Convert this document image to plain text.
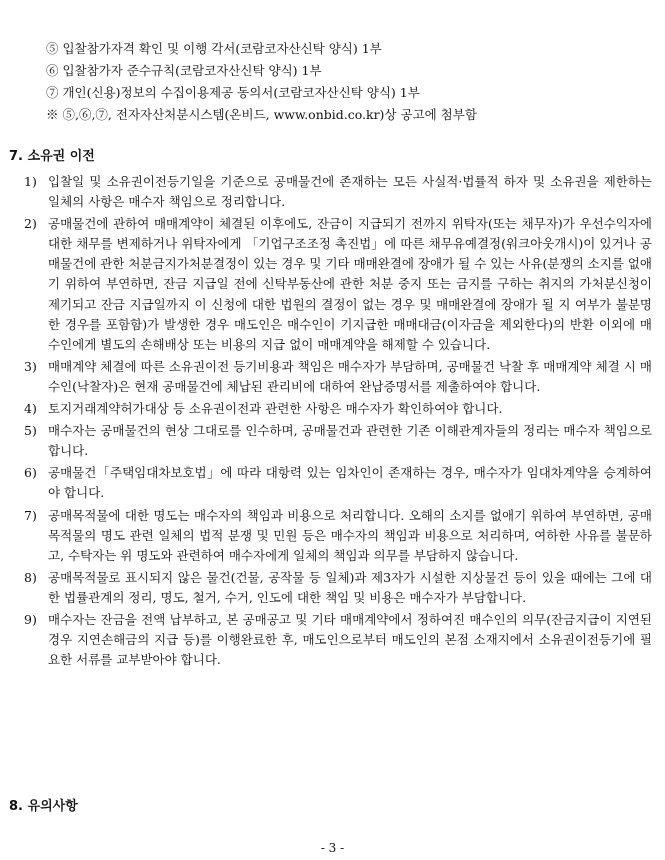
⑤ 입찰참가자격 확인 및 이행 각서(코람코자산신탁 양식) 1부
⑥ 입찰참가자 준수규칙(코람코자산신탁 양식) 1부
⑦ 개인(신용)정보의 수집이용제공 동의서(코람코자산신탁 양식) 1부
※ ⑤,⑥,⑦, 전자자산처분시스템(온비드, www.onbid.co.kr)상 공고에 첨부함
7. 소유권 이전
1) 입찰일 및 소유권이전등기일을 기준으로 공매물건에 존재하는 모든 사실적·법률적 하자 및 소유권을 제한하는 일체의 사항은 매수자 책임으로 정리합니다.
2) 공매물건에 관하여 매매계약이 체결된 이후에도, 잔금이 지급되기 전까지 위탁자(또는 채무자)가 우선수익자에 대한 채무를 변제하거나 위탁자에게 「기업구조조정 촉진법」에 따른 채무유예결정(워크아웃개시)이 있거나 공매물건에 관한 처분금지가처분결정이 있는 경우 및 기타 매매완결에 장애가 될 수 있는 사유(분쟁의 소지를 없애기 위하여 부연하면, 잔금 지급일 전에 신탁부동산에 관한 처분 중지 또는 금지를 구하는 취지의 가처분신청이 제기되고 잔금 지급일까지 이 신청에 대한 법원의 결정이 없는 경우 및 매매완결에 장애가 될 지 여부가 불분명한 경우를 포함함)가 발생한 경우 매도인은 매수인이 기지급한 매매대금(이자금을 제외한다)의 반환 이외에 매수인에게 별도의 손해배상 또는 비용의 지급 없이 매매계약을 해제할 수 있습니다.
3) 매매계약 체결에 따른 소유권이전 등기비용과 책임은 매수자가 부담하며, 공매물건 낙찰 후 매매계약 체결 시 매수인(낙찰자)은 현재 공매물건에 체납된 관리비에 대하여 완납증명서를 제출하여야 합니다.
4) 토지거래계약허가대상 등 소유권이전과 관련한 사항은 매수자가 확인하여야 합니다.
5) 매수자는 공매물건의 현상 그대로를 인수하며, 공매물건과 관련한 기존 이해관계자들의 정리는 매수자 책임으로 합니다.
6) 공매물건「주택임대차보호법」에 따라 대항력 있는 임차인이 존재하는 경우, 매수자가 임대차계약을 승계하여야 합니다.
7) 공매목적물에 대한 명도는 매수자의 책임과 비용으로 처리합니다. 오해의 소지를 없애기 위하여 부연하면, 공매목적물의 명도 관련 일체의 법적 분쟁 및 민원 등은 매수자의 책임과 비용으로 처리하며, 여하한 사유를 불문하고, 수탁자는 위 명도와 관련하여 매수자에게 일체의 책임과 의무를 부담하지 않습니다.
8) 공매목적물로 표시되지 않은 물건(건물, 공작물 등 일체)과 제3자가 시설한 지상물건 등이 있을 때에는 그에 대한 법률관계의 정리, 명도, 철거, 수거, 인도에 대한 책임 및 비용은 매수자가 부담합니다.
9) 매수자는 잔금을 전액 납부하고, 본 공매공고 및 기타 매매계약에서 정하여진 매수인의 의무(잔금지급이 지연된 경우 지연손해금의 지급 등)를 이행완료한 후, 매도인으로부터 매도인의 본점 소재지에서 소유권이전등기에 필요한 서류를 교부받아야 합니다.
8. 유의사항
- 3 -
